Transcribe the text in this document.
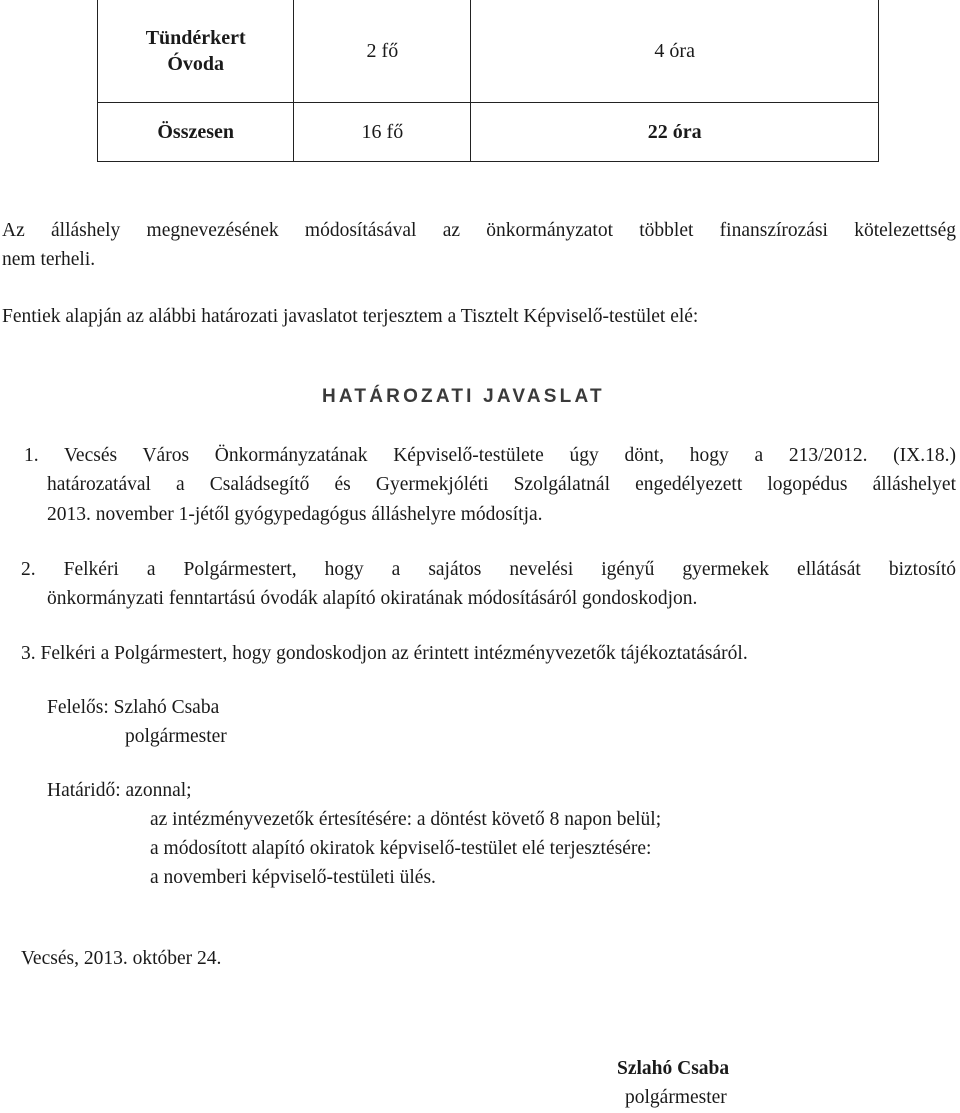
Tündérkert
Óvoda	2 fő	4 óra
Összesen	16 fő	22 óra
Az álláshely megnevezésének módosításával az önkormányzatot többlet finanszírozási kötelezettség
nem terheli.
Fentiek alapján az alábbi határozati javaslatot terjesztem a Tisztelt Képviselő-testület elé:
HATÁROZATI JAVASLAT
1. Vecsés Város Önkormányzatának Képviselő-testülete úgy dönt, hogy a 213/2012. (IX.18.)
határozatával a Családsegítő és Gyermekjóléti Szolgálatnál engedélyezett logopédus álláshelyet
2013. november 1-jétől gyógypedagógus álláshelyre módosítja.
2. Felkéri a Polgármestert, hogy a sajátos nevelési igényű gyermekek ellátását biztosító
önkormányzati fenntartású óvodák alapító okiratának módosításáról gondoskodjon.
3. Felkéri a Polgármestert, hogy gondoskodjon az érintett intézményvezetők tájékoztatásáról.
Felelős: Szlahó Csaba
polgármester
Határidő: azonnal;
az intézményvezetők értesítésére: a döntést követő 8 napon belül;
a módosított alapító okiratok képviselő-testület elé terjesztésére:
a novemberi képviselő-testületi ülés.
Vecsés, 2013. október 24.
Szlahó Csaba
polgármester
